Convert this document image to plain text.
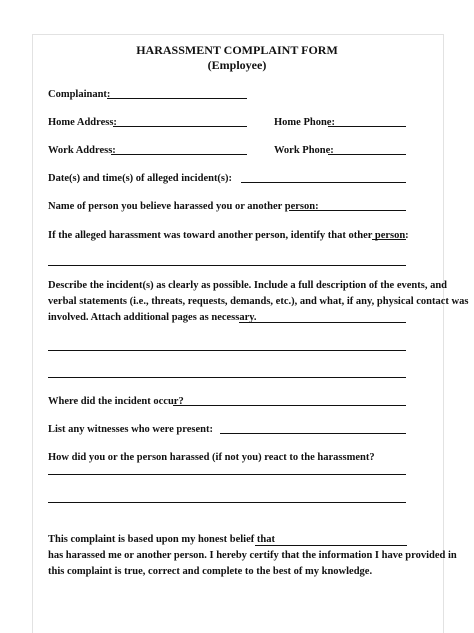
HARASSMENT COMPLAINT FORM
(Employee)
Complainant:
Home Address:	Home Phone:
Work Address:	Work Phone:
Date(s) and time(s) of alleged incident(s):
Name of person you believe harassed you or another person:
If the alleged harassment was toward another person, identify that other person:
Describe the incident(s) as clearly as possible. Include a full description of the events, and
verbal statements (i.e., threats, requests, demands, etc.), and what, if any, physical contact was
involved. Attach additional pages as necessary.
Where did the incident occur?
List any witnesses who were present:
How did you or the person harassed (if not you) react to the harassment?
This complaint is based upon my honest belief that
has harassed me or another person. I hereby certify that the information I have provided in
this complaint is true, correct and complete to the best of my knowledge.
